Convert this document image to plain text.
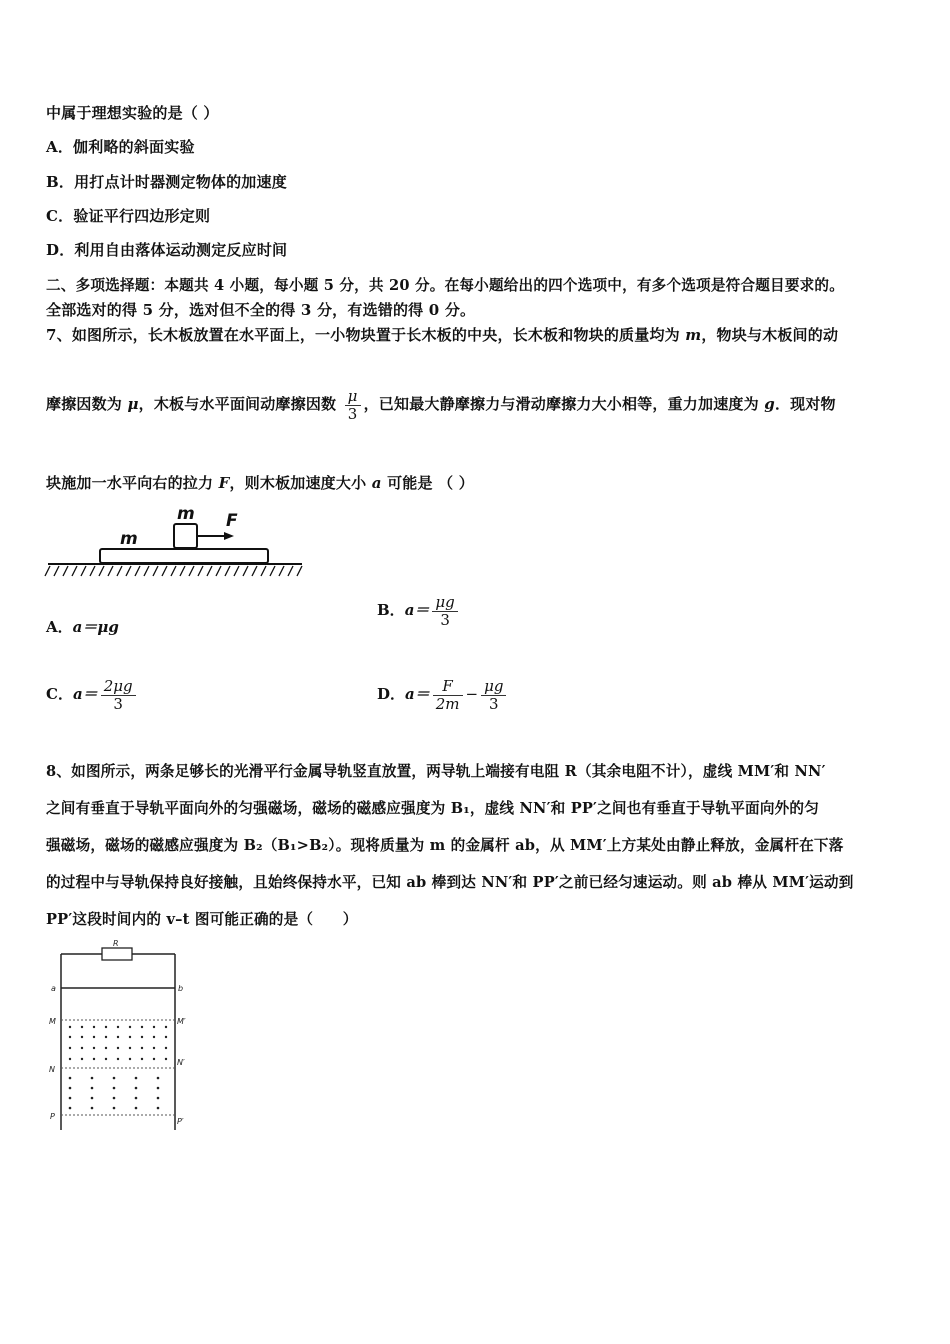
中属于理想实验的是（ ）
A．伽利略的斜面实验
B．用打点计时器测定物体的加速度
C．验证平行四边形定则
D．利用自由落体运动测定反应时间
二、多项选择题：本题共 4 小题，每小题 5 分，共 20 分。在每小题给出的四个选项中，有多个选项是符合题目要求的。
全部选对的得 5 分，选对但不全的得 3 分，有选错的得 0 分。
7、如图所示，长木板放置在水平面上，一小物块置于长木板的中央，长木板和物块的质量均为 m，物块与木板间的动
摩擦因数为 μ，木板与水平面间动摩擦因数 $\frac{\mu}{3}$ ，已知最大静摩擦力与滑动摩擦力大小相等，重力加速度为 g．现对物
块施加一水平向右的拉力 F，则木板加速度大小 a 可能是 （ ）
m F
m
A．a＝μg
B．$a= \frac{\mu g}{3}$
C．$a= \frac{2\mu g}{3}$	D．$a= \frac{F}{2m} - \frac{\mu g}{3}$
8、如图所示，两条足够长的光滑平行金属导轨竖直放置，两导轨上端接有电阻 R（其余电阻不计），虚线 MM′和 NN′
之间有垂直于导轨平面向外的匀强磁场，磁场的磁感应强度为 B₁，虚线 NN′和 PP′之间也有垂直于导轨平面向外的匀
强磁场，磁场的磁感应强度为 B₂（B₁>B₂）。现将质量为 m 的金属杆 ab，从 MM′上方某处由静止释放，金属杆在下落
的过程中与导轨保持良好接触，且始终保持水平，已知 ab 棒到达 NN′和 PP′之前已经匀速运动。则 ab 棒从 MM′运动到
PP′这段时间内的 v–t 图可能正确的是（　　）
R
a	b
M	M′
N
N′
P
P′
